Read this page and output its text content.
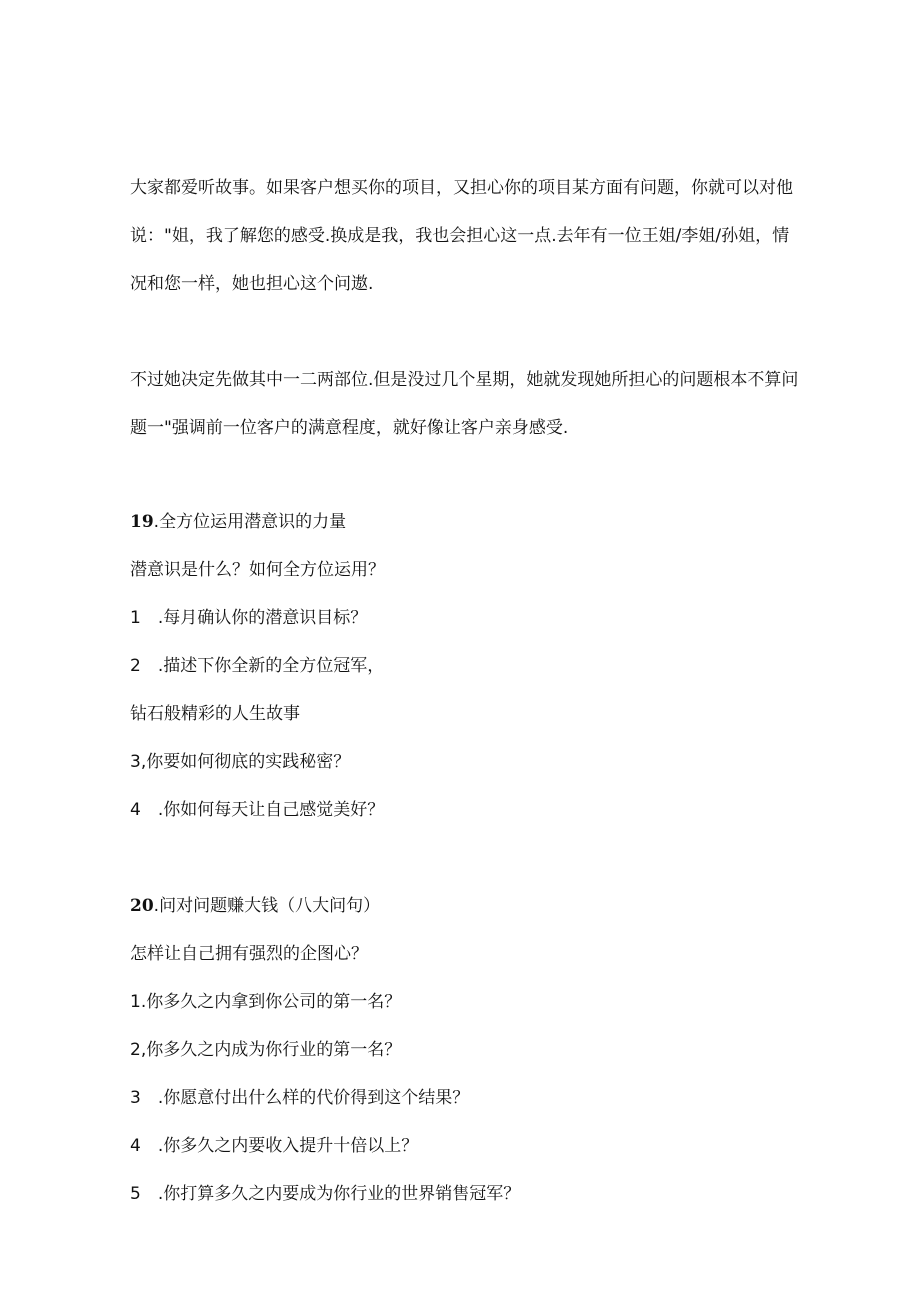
大家都爱听故事。如果客户想买你的项目，又担心你的项目某方面有问题，你就可以对他
说："姐，我了解您的感受.换成是我，我也会担心这一点.去年有一位王姐/李姐/孙姐，情
况和您一样，她也担心这个问遨.
不过她决定先做其中一二两部位.但是没过几个星期，她就发现她所担心的问题根本不算问
题一"强调前一位客户的满意程度，就好像让客户亲身感受.
19.全方位运用潜意识的力量
潜意识是什么？如何全方位运用？
1　.每月确认你的潜意识目标？
2　.描述下你全新的全方位冠军，
钻石般精彩的人生故事
3,你要如何彻底的实践秘密？
4　.你如何每天让自己感觉美好？
20.问对问题赚大钱（八大问句）
怎样让自己拥有强烈的企图心？
1.你多久之内拿到你公司的第一名？
2,你多久之内成为你行业的第一名？
3　.你愿意付出什么样的代价得到这个结果？
4　.你多久之内要收入提升十倍以上？
5　.你打算多久之内要成为你行业的世界销售冠军？
